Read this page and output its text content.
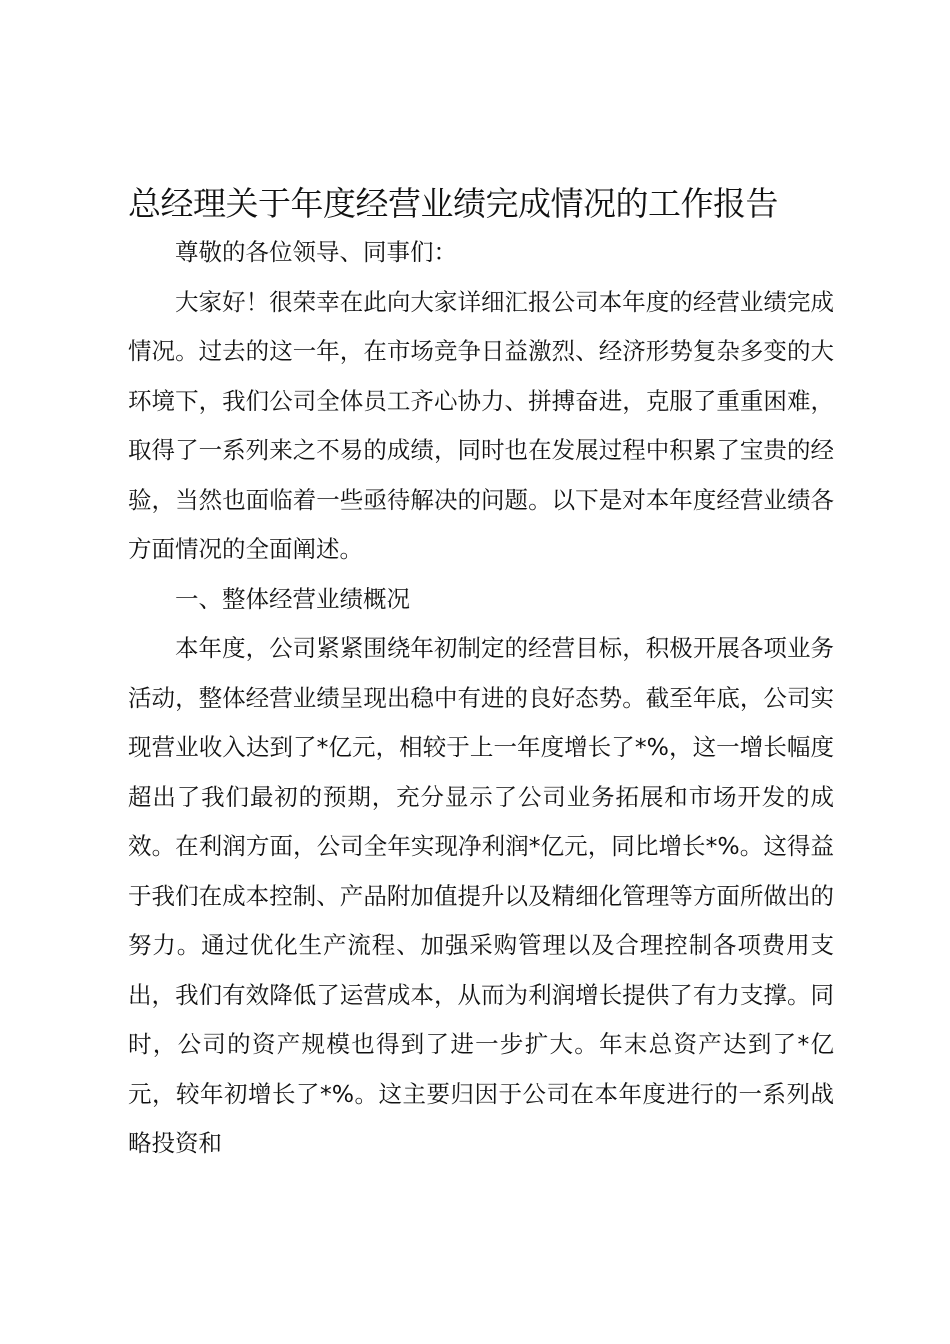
总经理关于年度经营业绩完成情况的工作报告

尊敬的各位领导、同事们：

大家好！很荣幸在此向大家详细汇报公司本年度的经营业绩完成情况。过去的这一年，在市场竞争日益激烈、经济形势复杂多变的大环境下，我们公司全体员工齐心协力、拼搏奋进，克服了重重困难，取得了一系列来之不易的成绩，同时也在发展过程中积累了宝贵的经验，当然也面临着一些亟待解决的问题。以下是对本年度经营业绩各方面情况的全面阐述。

一、整体经营业绩概况

本年度，公司紧紧围绕年初制定的经营目标，积极开展各项业务活动，整体经营业绩呈现出稳中有进的良好态势。截至年底，公司实现营业收入达到了*亿元，相较于上一年度增长了*%，这一增长幅度超出了我们最初的预期，充分显示了公司业务拓展和市场开发的成效。在利润方面，公司全年实现净利润*亿元，同比增长*%。这得益于我们在成本控制、产品附加值提升以及精细化管理等方面所做出的努力。通过优化生产流程、加强采购管理以及合理控制各项费用支出，我们有效降低了运营成本，从而为利润增长提供了有力支撑。同时，公司的资产规模也得到了进一步扩大。年末总资产达到了*亿元，较年初增长了*%。这主要归因于公司在本年度进行的一系列战略投资和
